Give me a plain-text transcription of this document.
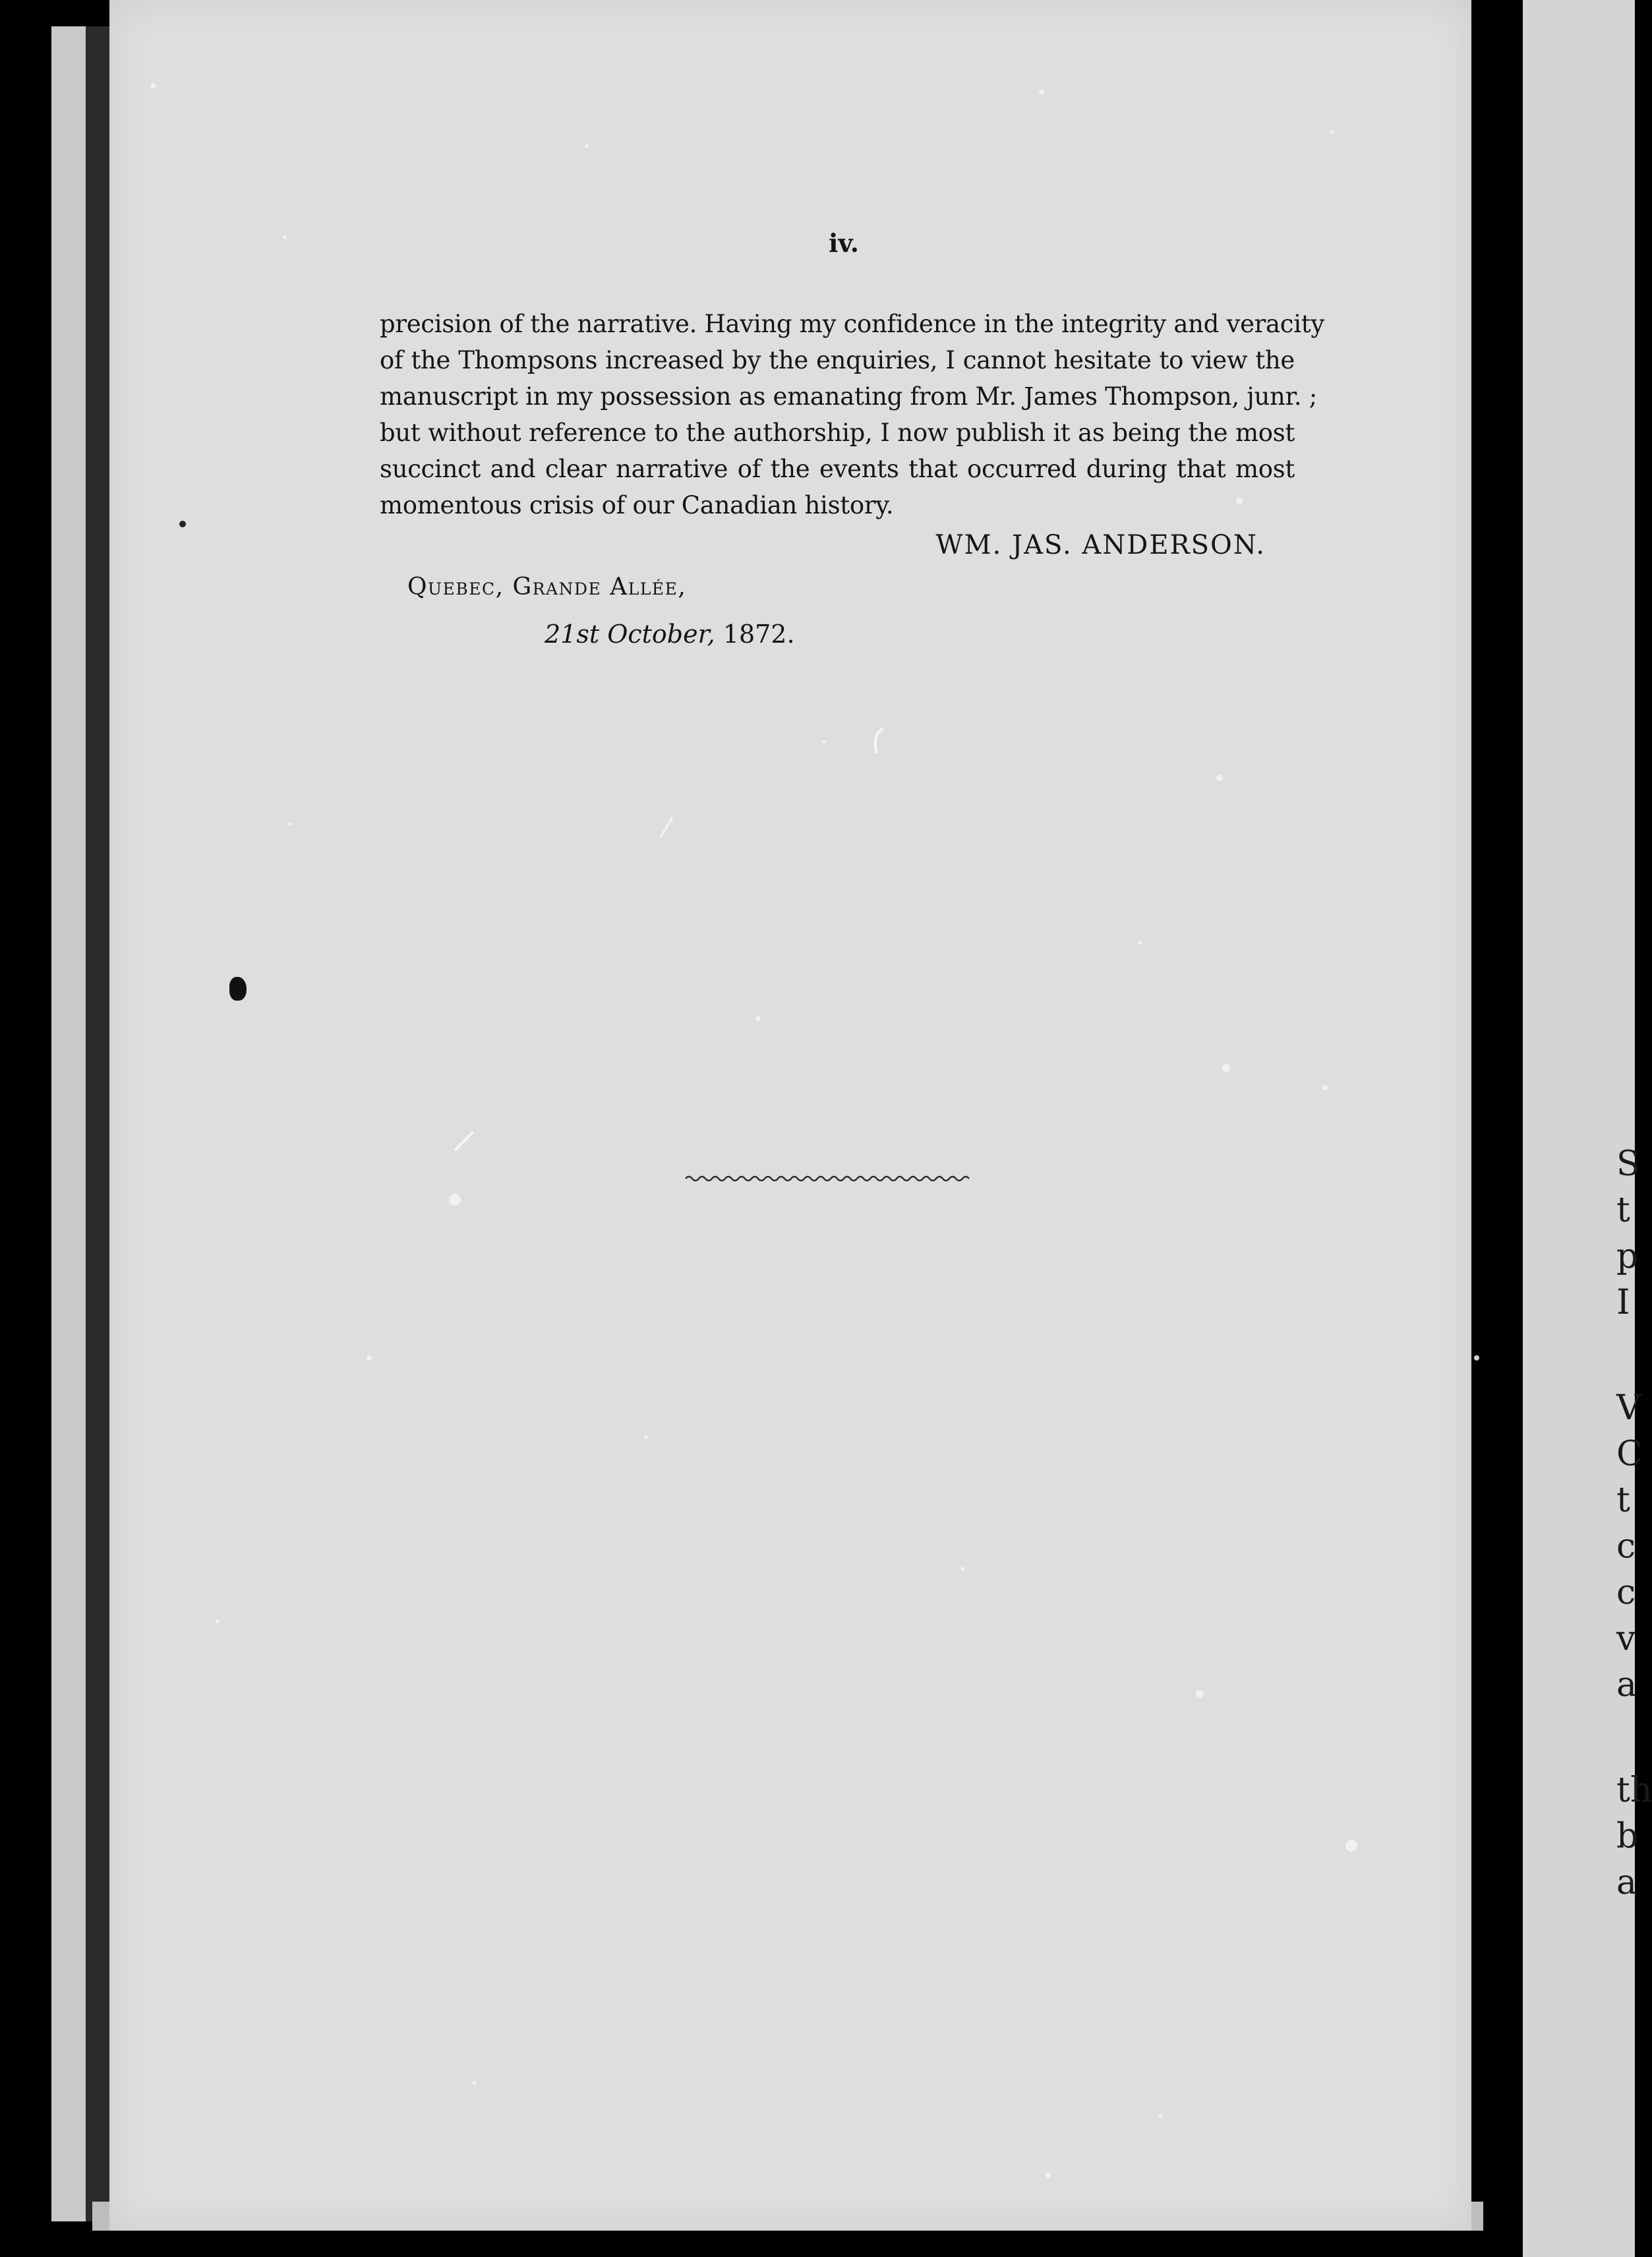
S
t
p
I
V
C
t
c
c
v
a
th
b
a
iv.
precision of the narrative. Having my confidence in the integrity and veracity
of the Thompsons increased by the enquiries, I cannot hesitate to view the
manuscript in my possession as emanating from Mr. James Thompson, junr. ;
but without reference to the authorship, I now publish it as being the most
succinct and clear narrative of the events that occurred during that most
momentous crisis of our Canadian history.
WM. JAS. ANDERSON.
Quebec, Grande Allée,
21st October, 1872.
